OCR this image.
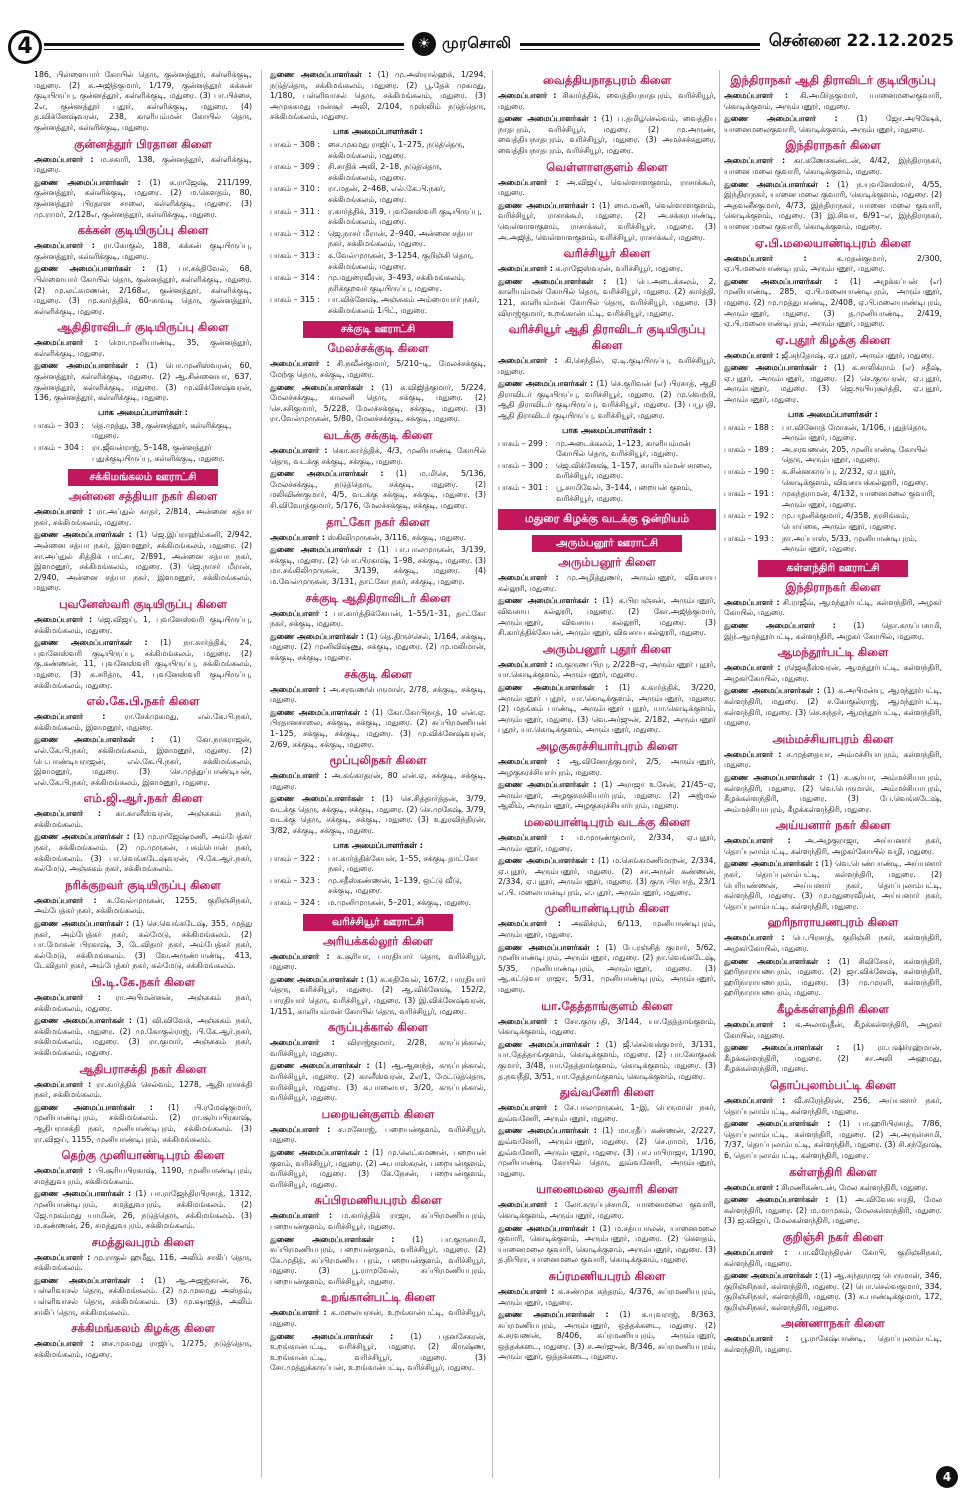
4	☀ முரசொலி	சென்னை 22.12.2025
186, பிள்ளையார் கோயில் தெரு, குன்னத்தூர், கள்ளிக்குடி, மதுரை. (2) க.அஜித்குமார், 1/179, குன்னத்தூர் கக்கன் குடியிருப்பு, குன்னத்தூர், கள்ளிக்குடி, மதுரை. (3) பா.பிச்சை, 2எ, குன்னத்தூர் புதூர், கள்ளிக்குடி, மதுரை. (4) த.விக்னேஷ்வரன், 238, காளியம்மன் கோயில் தெரு, குன்னத்தூர், கள்ளிக்குடி, மதுரை.
குன்னத்தூர் பிரதான கிளை
அமைப்பாளர் : ம.சகாரி, 138, குன்னத்தூர், கள்ளிக்குடி, மதுரை.
துணை அமைப்பாளர்கள் : (1) க.ராஜேஷ், 211/199, குன்னத்தூர், கள்ளிக்குடி, மதுரை. (2) ம.கௌதம், 80, குன்னத்தூர் பிரதான சாலை, கள்ளிக்குடி, மதுரை. (3) மு.ராமர், 2/128எ, குன்னத்தூர், கள்ளிக்குடி, மதுரை.
கக்கன் குடியிருப்பு கிளை
அமைப்பாளர் : ரா.கோகுல், 188, கக்கன் குடியிருப்பு, குன்னத்தூர், கள்ளிக்குடி, மதுரை.
துணை அமைப்பாளர்கள் : (1) பா.சக்திவேல், 68, பிள்ளையார் கோயில் தெரு, குன்னத்தூர், கள்ளிக்குடி, மதுரை. (2) மு.லட்சுமணன், 2/168எ, குன்னத்தூர், கள்ளிக்குடி, மதுரை. (3) மு.கார்த்திக், 60-சாவடி தெரு, குன்னத்தூர், கள்ளிக்குடி, மதுரை.
ஆதிதிராவிடர் குடியிருப்பு கிளை
அமைப்பாளர் : மொ.முனியாண்டி, 35, குன்னத்தூர், கள்ளிக்குடி, மதுரை.
துணை அமைப்பாளர்கள் : (1) பொ.முனிஸ்வரன், 60, குன்னத்தூர், கள்ளிக்குடி, மதுரை. (2) ஆ.சின்னையா, 637, குன்னத்தூர், கள்ளிக்குடி, மதுரை. (3) மு.விக்னேஷ்வரன், 136, குன்னத்தூர், கள்ளிக்குடி, மதுரை.
பாக அமைப்பாளர்கள் :
பாகம் – 303 :	தெ.முத்து, 38, குன்னத்தூர், கள்ளிக்குடி, மதுரை.
பாகம் – 304 :	ரா.ஜீவன்ராஜ், 5–148, குன்னத்தூர் புதுக்குடியிருப்பு, கள்ளிக்குடி, மதுரை.
சக்கிமங்கலம் ஊராட்சி
அன்னை சத்தியா நகர் கிளை
அமைப்பாளர் : ரா.அப்துல் காதர், 2/814, அன்னை சத்யா நகர், சக்கிமங்கலம், மதுரை.
துணை அமைப்பாளர்கள் : (1) ஜெ.இப்ராஹிம்கனி, 2/942, அன்னை சத்யா நகர், இளமனூர், சக்கிமங்கலம், மதுரை. (2) சா.அப்துல் சித்திக் பாட்சா, 2/891, அன்னை சத்யா நகர், இளமனூர், சக்கிமங்கலம், மதுரை. (3) ஜெ.நாசர் மீரான், 2/940, அன்னை சத்யா நகர், இளமனூர், சக்கிமங்கலம், மதுரை.
புவனேஸ்வரி குடியிருப்பு கிளை
அமைப்பாளர் : ஜெ.விஜய், 1, புவனேஸ்வரி குடியிருப்பு, சக்கிமங்கலம், மதுரை.
துணை அமைப்பாளர்கள் : (1) நா.கார்த்திக், 24, புவனேஸ்வரி குடியிருப்பு, சக்கிமங்கலம், மதுரை. (2) கு.கண்ணன், 11, புவனேஸ்வரி குடியிருப்பு, சக்கிமங்கலம், மதுரை. (3) க.சரித்ரு, 41, புவனேஸ்வரி குடியிருப்பு, சக்கிமங்கலம், மதுரை.
எல்.கே.பி.நகர் கிளை
அமைப்பாளர் : ரா.சேக்முகமது, எல்.கே.பி.நகர், சக்கிமங்கலம், இளமனூர், மதுரை.
துணை அமைப்பாளர்கள் : (1) கோ.நாகராஜன், எல்.கே.பி.நகர், சக்கிமங்கலம், இளமனூர், மதுரை. (2) பெ.பாண்டியராஜன், எல்.கே.பி.நகர், சக்கிமங்கலம், இளமனூர், மதுரை. (3) செ.முத்துப்பாண்டியன், எல்.கே.பி.நகர், சக்கிமங்கலம், இளமனூர், மதுரை.
எம்.ஜி.ஆர்.நகர் கிளை
அமைப்பாளர் : கா.காளீஸ்வரன், அஞ்சுகம் நகர், சக்கிமங்கலம்.
துணை அமைப்பாளர்கள் : (1) மு.ராஜேஷ்மணி, அம்பேத்கர் நகர், சக்கிமங்கலம். (2) மு.முருகன், பசும்பொன் நகர், சக்கிமங்கலம். (3) பா.வெங்கடேஷ்வரன், பி.கே.ஆர்.நகர், கல்மேடு, அஞ்சுகம் நகர், சக்கிமங்கலம்.
நரிக்குறவர் குடியிருப்பு கிளை
அமைப்பாளர் : க.வேல்முருகன், 1255, குறிஞ்சிநகர், அம்பேத்கர் நகர், சக்கிமங்கலம்.
துணை அமைப்பாளர்கள் : (1) செ.வெங்கடேஷ், 355, முத்து நகர், அம்பேத்கர் நகர், கல்மேடு, சக்கிமங்கலம். (2) பா.மோகன் பிரகாஷ், 3, டேவிதார் நகர், அம்பேத்கர் நகர், கல்மேடு, சக்கிமங்கலம். (3) வே.அருண்பாண்டி, 413, டேவிதார் நகர், அம்பேத்கர் நகர், கல்மேடு, சக்கிமங்கலம்.
பி.டி.கே.நகர் கிளை
அமைப்பாளர் : ரா.அபிமன்னன், அஞ்சுகம் நகர், சக்கிமங்கலம், மதுரை.
துணை அமைப்பாளர்கள் : (1) வி.விவேக், அஞ்சுகம் நகர், சக்கிமங்கலம், மதுரை. (2) மு.கோகுல்ராஜ், பி.கே.ஆர்.நகர், சக்கிமங்கலம், மதுரை. (3) ரா.குமார், அஞ்சுகம் நகர், சக்கிமங்கலம், மதுரை.
ஆதிபராசக்தி நகர் கிளை
அமைப்பாளர் : ரா.கார்த்திக் செல்வம், 1278, ஆதிபராசக்தி நகர், சக்கிமங்கலம்.
துணை அமைப்பாளர்கள் : (1) பி.ரமேஷ்குமார், முனியாண்டிபுரம், சக்கிமங்கலம். (2) ரா.சூர்யபிரகாஷ், ஆதிபராசக்தி நகர், முனியாண்டிபுரம், சக்கிமங்கலம். (3) ரா.விஜய், 1155, முனியாண்டிபுரம், சக்கிமங்கலம்.
தெற்கு முனியாண்டிபுரம் கிளை
அமைப்பாளர் : பி.சூரியபிரகாஷ், 1190, முனியாண்டிபுரம், சமத்துவபுரம், சக்கிமங்கலம்.
துணை அமைப்பாளர்கள் : (1) பா.ராஜேந்திரபிரசாத், 1312, முனியாண்டிபுரம், சமத்துவபுரம், சக்கிமங்கலம். (2) ஜே.முகம்மது யாமின், 26, நடுத்தெரு, சக்கிமங்கலம். (3) ம.கண்ணன், 26, சமத்துவபுரம், சக்கிமங்கலம்.
சமத்துவபுரம் கிளை
அமைப்பாளர் : மு.ராகுல் ஹமீது, 116, அலிம் சாகிப் தெரு, சக்கிமங்கலம்.
துணை அமைப்பாளர்கள் : (1) ஆ.அஜஜ்கான், 76, பள்ளிவாசல் தெரு, சக்கிமங்கலம். (2) மு.முகமது அஸ்தம், பள்ளிவாசல் தெரு, சக்கிமங்கலம். (3) மு.ஷாஜித், அலிம் சாகிப் தெரு, சக்கிமங்கலம்.
சக்கிமங்கலம் கிழக்கு கிளை
அமைப்பாளர் : சை.முகமது ராஜிப், 1/275, நடுத்தெரு, சக்கிமங்கலம், மதுரை.
துணை அமைப்பாளர்கள் : (1) மு.அஸ்ரால்ஹக், 1/294, நடுத்தெரு, சக்கிமங்கலம், மதுரை. (2) பூ.தேக் முகமது, 1/180, பள்ளிவாசல் தெரு, சக்கிமங்கலம், மதுரை. (3) அமுசுகமது மன்சூர் அலி, 2/104, முஸ்லிம் நடுத்தெரு, சக்கிமங்கலம், மதுரை.
பாக அமைப்பாளர்கள் :
பாகம் – 308 :	சை.முகமது ராஜிப், 1–275, நடுத்தெரு, சக்கிமங்கலம், மதுரை.
பாகம் – 309 :	சி.சாதிக் அலி, 2–18, நடுத்தெரு, சக்கிமங்கலம், மதுரை.
பாகம் – 310 :	ரா.மதன், 2–468, எல்.கே.பி.நகர், சக்கிமங்கலம், மதுரை.
பாகம் – 311 :	ர.கார்த்திக், 319, புவனேஸ்வரி குடியிருப்பு, சக்கிமங்கலம், மதுரை.
பாகம் – 312 :	ஜெ.நாசர் மீரான், 2–940, அன்னை சத்யா நகர், சக்கிமங்கலம், மதுரை.
பாகம் – 313 :	க.வேல்முருகன், 3–1254, குறிஞ்சி தெரு, சக்கிமங்கலம், மதுரை.
பாகம் – 314 :	மு.மதுரைவீரன், 3–493, சக்கிமங்கலம், நரிக்குறவர் குடியிருப்பு, மதுரை.
பாகம் – 315 :	பா.விக்னேஷ், அஞ்சுகம் அம்மையார் நகர், சக்கிமங்கலம் 1பிட், மதுரை.
சக்குடி ஊராட்சி
மேலச்சக்குடி கிளை
அமைப்பாளர் : சி.நவீன்குமார், 5/210–டி, மேலச்சக்குடி, மேற்கு தெரு, சக்குடி, மதுரை.
துணை அமைப்பாளர்கள் : (1) க.விஜித்குமார், 5/224, மேலச்சக்குடி, காலனி தெரு, சக்குடி, மதுரை. (2) செ.சசிகுமார், 5/228, மேலச்சக்குடி, சக்குடி, மதுரை. (3) ரா.வேல்முருகன், 5/80, மேலச்சக்குடி, சக்குடி, மதுரை.
வடக்கு சக்குடி கிளை
அமைப்பாளர் : கொ.கார்த்திக், 4/3, முனியாண்டி கோயில் தெரு, வடக்கு சக்குடி, சக்குடி, மதுரை.
துணை அமைப்பாளர்கள் : (1) ம.மிசெ, 5/136, மேலச்சக்குடி, நடுத்தெரு, சக்குடி, மதுரை. (2) மலிவிண்குமார், 4/5, வடக்கு சக்குடி, சக்குடி, மதுரை. (3) சி.விவோத்குமார், 5/176, மேலச்சக்குடி, சக்குடி, மதுரை.
தாட்கோ நகர் கிளை
அமைப்பாளர் : ஸ்கிவிமுருகன், 3/116, சக்குடி, மதுரை.
துணை அமைப்பாளர்கள் : (1) பா.பாலமுருகன், 3/139, சக்குடி, மதுரை. (2) பொ.பிரகாஷ், 1–98, சக்குடி, மதுரை. (3) மா.சங்கிலிமுருகன், 3/139, சக்குடி, மதுரை. (4) ம.வேல்முருகன், 3/131, தாட்கோ நகர், சக்குடி, மதுரை.
சக்குடி ஆதிதிராவிடர் கிளை
அமைப்பாளர் : பா.கார்த்திக்கேயன், 1–55/1–31, தாட்கோ நகர், சக்குடி, மதுரை.
துணை அமைப்பாளர்கள் : (1) தெ.திருச்செல், 1/164, சக்குடி, மதுரை. (2) முனிவிஷ்ணு, சக்குடி, மதுரை. (2) மு.மலிமான், சக்குடி, சக்குடி, மதுரை.
சக்குடி கிளை
அமைப்பாளர் : அ.சரவணபெருமாள், 2/78, சக்குடி, சக்குடி, மதுரை.
துணை அமைப்பாளர்கள் : (1) கோ.கோபிநாத், 10 என்.ஏ. பிரதானசாலை, சக்குடி, சக்குடி, மதுரை. (2) சுப்பிரமணியன் 1–125, சக்குடி, சக்குடி, மதுரை. (3) மு.விக்னேஷ்வரன், 2/69, சக்குடி, சக்குடி, மதுரை.
மூப்புலிநகர் கிளை
அமைப்பாளர் : அ.கங்காதரன், 80 என்.ஏ, சக்குடி, சக்குடி, மதுரை.
துணை அமைப்பாளர்கள் : (1) செ.சித்தார்த்தன், 3/79, வடக்கு தெரு, சக்குடி, சக்குடி, மதுரை. (2) செ.முகேஷ், 3/79, வடக்கு தெரு, சக்குடி, சக்குடி, மதுரை. (3) உதுரவிந்திரன், 3/82, சக்குடி, சக்குடி, மதுரை.
பாக அமைப்பாளர்கள் :
பாகம் – 322 :	பா.கார்த்திக்கேயன், 1–55, சக்குடி தாட்கோ நகர், மதுரை.
பாகம் – 323 :	மு.சதீஸ்கண்ணன், 1–139, ஒட்டு வீடு, சக்குடி, மதுரை.
பாகம் – 324 :	ம.முனிமுருகன், 5–201, சக்குடி, மதுரை.
வரிச்சியூர் ஊராட்சி
அரியக்கல்லூர் கிளை
அமைப்பாளர் : க.சூரியா, பாரதியார் தெரு, வரிச்சியூர், மதுரை.
துணை அமைப்பாளர்கள் : (1) க.சுதிவேல், 167/2, பாரதியார் தெரு, வரிச்சியூர், மதுரை. (2) ஆ.விக்னேஷ், 152/2, பாரதியார் தெரு, வரிச்சியூர், மதுரை. (3) இ.விக்னேஷ்வரன், 1/151, காளியம்மன் கோயில் தெரு, வரிச்சியூர், மதுரை.
கருப்புக்கால் கிளை
அமைப்பாளர் : விராஜ்குமார், 2/28, கருப்புக்கால், வரிச்சியூர், மதுரை.
துணை அமைப்பாளர்கள் : (1) ஆ.ஆனந்த், கருப்புக்கால், வரிச்சியூர், மதுரை. (2) காளீஸ்வரன், 2எ/1, மேட்டுத்தெரு, வரிச்சியூர், மதுரை. (3) க.பாலையா, 3/20, கருப்புக்கால், வரிச்சியூர், மதுரை.
பறையன்குளம் கிளை
அமைப்பாளர் : ச.மனோஜ், பறையன்குளம், வரிச்சியூர், மதுரை.
துணை அமைப்பாளர்கள் : (1) மு.லெட்சுமணன், பறையன் குளம், வரிச்சியூர், மதுரை. (2) அ.பாஸ்கரன், பறையன்குளம், வரிச்சியூர், மதுரை. (3) கே.நேசன், பறையன்குளம், வரிச்சியூர், மதுரை.
சுப்பிரமணியபுரம் கிளை
அமைப்பாளர் : ம.கார்த்திக் ராஜா, சுப்பிரமணியபுரம், பறையன்குளம், வரிச்சியூர், மதுரை.
துணை அமைப்பாளர்கள் : (1) பா.குருசாமி, சுப்பிரமணியபுரம், பறையன்குளம், வரிச்சியூர், மதுரை. (2) கே.முதித், சுப்பிரமணிய புரம், பறையன்குளம், வரிச்சியூர், மதுரை. (3) பூ.ராமுவேல், சுப்பிரமணியபுரம், பறையன்குளம், வரிச்சியூர், மதுரை.
உறங்கான்பட்டி கிளை
அமைப்பாளர் : க.மலையரசன், உறங்கான்பட்டி, வரிச்சியூர், மதுரை.
துணை அமைப்பாளர்கள் : (1) பதனசேகரன், உறங்கான்பட்டி, வரிச்சியூர், மதுரை. (2) கிருஷ்ண, உறங்கான்பட்டி, வரிச்சியூர், மதுரை. (3) சோ.முத்துக்கருப்பன், உறங்கான்பட்டி, வரிச்சியூர், மதுரை.
வைத்தியநாதபுரம் கிளை
அமைப்பாளர் : சிகார்த்திக், வைத்தியநாதபுரம், வரிச்சியூர், மதுரை.
துணை அமைப்பாளர்கள் : (1) ப.தமிழ்செல்வம், வைத்திய நாதபுரம், வரிச்சியூர், மதுரை. (2) மு.அருண், வைத்தியநாதபுரம், வரிச்சியூர், மதுரை. (3) அமச்சச்சுதுரை, வைத்தியநாதபுரம், வரிச்சியூர், மதுரை.
வெள்ளாளகுளம் கிளை
அமைப்பாளர் : அ.விஜய், வெள்ளாளகுளம், ராசாக்கூர், மதுரை.
துணை அமைப்பாளர்கள் : (1) மை.மணி, வெள்ளாளகுளம், வரிச்சியூர், ராசாக்கூர், மதுரை. (2) அ.சக்கரபாண்டி, வெள்ளாளகுளம், ராசாக்கூர், வரிச்சியூர், மதுரை. (3) அ.அஜித், வெள்ளாளகுளம், வரிச்சியூர், ராசாக்கூர், மதுரை.
வரிச்சியூர் கிளை
அமைப்பாளர் : க.ராஜேஸ்வரன், வரிச்சியூர், மதுரை.
துணை அமைப்பாளர்கள் : (1) பெ.அடைக்கலம், 2, காளியம்மன் கோயில் தெரு, வரிச்சியூர், மதுரை. (2) கார்த்தி, 121, காளியம்மன் கோயில் தெரு, வரிச்சியூர், மதுரை. (3) விராஜ்குமார், உறங்கான்பட்டி, வரிச்சியூர், மதுரை.
வரிச்சியூர் ஆதி திராவிடர் குடியிருப்பு கிளை
அமைப்பாளர் : கி.செந்தில், ஏ.டி.குடியிருப்பு, வரிச்சியூர், மதுரை.
துணை அமைப்பாளர்கள் : (1) செ.குரிவன் (எ) பிரசாத், ஆதி திராவிடர் குடியிருப்பு, வரிச்சியூர், மதுரை. (2) மு.வெற்றி, ஆதி திராவிடர் குடியிருப்பு, வரிச்சியூர், மதுரை. (3) பபூபதி, ஆதி திராவிடர் குடியிருப்பு, வரிச்சியூர், மதுரை.
பாக அமைப்பாளர்கள் :
பாகம் – 299 :	மு.அடைக்கலம், 1–123, காளியம்மன் கோயில் தெரு, வரிச்சியூர், மதுரை.
பாகம் – 300 :	ஜெ.விக்னேஷ், 1–157, காளியம்மன் சாலை, வரிச்சியூர், மதுரை.
பாகம் – 301 :	பூ.சாமிவேல், 3–144, பறையன் குளம், வரிச்சியூர், மதுரை.
மதுரை கிழக்கு வடக்கு ஒன்றியம்
அரும்பனூர் ஊராட்சி
அரும்பனூர் கிளை
அமைப்பாளர் : மு.அழித்துணர், அரும்பனூர், விவசாய கல்லூரி, மதுரை.
துணை அமைப்பாளர்கள் : (1) க.பிரபஞ்சன், அரும்பனூர், விவசாய கல்லூரி, மதுரை. (2) கோ.அஜித்குமார், அரும்பனூர், விவசாய கல்லூரி, மதுரை. (3) சி.கார்த்திக்கேயன், அரும்பனூர், விவசாய கல்லூரி, மதுரை.
அரும்பனூர் புதூர் கிளை
அமைப்பாளர் : ம.குருண பிரபு, 2/228–ஏ, அரும்பனூர் புதூர், யா.கொடிக்குளம், அரும்பனூர், மதுரை.
துணை அமைப்பாளர்கள் : (1) க.கார்த்திக், 3/220, அரும்பனூர் புதூர், யா.கொடிக்குளம், அரும்பனூர், மதுரை. (2) மதங்கம் பாண்டி, அரும்பனூர் புதூர், யா.கொடிக்குளம், அரும்பனூர், மதுரை. (3) வெ.அர்ஜுன், 2/182, அரும்பனூர் புதூர், யா.கொடிக்குளம், அரும்பனூர், மதுரை.
அழகுசுரச்சியார்புரம் கிளை
அமைப்பாளர் : ஆ.வினோத்குமார், 2/5, அரும்பனூர், அழகுசுரச்சியார்புரம், மதுரை.
துணை அமைப்பாளர்கள் : (1) அராஜா உசேன், 21/45–ஏ, அரும்பனூர், அழகுசுரச்சியார்புரம், மதுரை. (2) அஜ்மல் ஆலிம், அரும்பனூர், அழகுசுரச்சியார்புரம், மதுரை.
மலையான்டிபுரம் வடக்கு கிளை
அமைப்பாளர் : ம.முருண்குமார், 2/334, ஏ.புதூர், அரும்பனூர், மதுரை.
துணை அமைப்பாளர்கள் : (1) ம.செங்கமணிமாறன், 2/334, ஏ.புதூர், அரும்பனூர், மதுரை. (2) சா.அருள் கண்ணன், 2/334, ஏ.புதூர், அரும்பனூர், மதுரை. (3) குரு பிரபாத், 23/1 எ.பி. மலையான்டிபுரம், எ.புதூர், அரும்பனூர், மதுரை.
முனியாண்டிபுரம் கிளை
அமைப்பாளர் : அவிக்ரம், 6/113, முனியாண்டிபுரம், அரும்பனூர், மதுரை.
துணை அமைப்பாளர்கள் : (1) பே.ரஞ்சித் குமார், 5/62, முனியாண்டிபுரம், அரும்பனூர், மதுரை. (2) நா.வெங்கடேஷ், 5/35, முனியாண்டிபுரம், அரும்பனூர், மதுரை. (3) ஆ.கட்டுவா ராஜா, 5/31, முனியாண்டிபுரம், அரும்பனூர், மதுரை.
யா.தேத்தாங்குளம் கிளை
அமைப்பாளர் : சோ.குருபதி, 3/144, யா.தேத்தாங்குளம், கொடிக்குளம், மதுரை.
துணை அமைப்பாளர்கள் : (1) ஜீ.செல்வக்குமார், 3/131, யா.தேத்தாங்குளம், கொடிக்குளம், மதுரை. (2) பா.கோகுலக் குமார், 3/48, யா.தேத்தாங்குளம், கொடிக்குளம், மதுரை. (3) த.நவநீதி, 3/51, யா.தேத்தாங்குளம், கொடிக்குளம், மதுரை.
துவ்வனேரி கிளை
அமைப்பாளர் : சே.பாலமுருகன், 1–இ, பெருமாள் நகர், துவ்வனேரி, அரும்பனூர், மதுரை.
துணை அமைப்பாளர்கள் : (1) மா.ரதீப் கண்ணன், 2/227, துவ்வனேரி, அரும்பனூர், மதுரை. (2) செ.ராமர், 1/16, துவ்வனேரி, அரும்பனூர், மதுரை. (3) பா.பாபிராஜா, 1/190, முனியாண்டி கோயில் தெரு, துவ்வனேரி, அரும்பனூர், மதுரை.
யானைமலை குவாரி கிளை
அமைப்பாளர் : லோ.கருப்புச்சாமி, யானைமலை குவாரி, கொடிக்குளம், அரும்பனூர், மதுரை.
துணை அமைப்பாளர்கள் : (1) ம.சத்யபாலன், யானைமலை குவாரி, கொடிக்குளம், அரும்பனூர், மதுரை. (2) கௌதம், யானைமலை குவாரி, கொடிக்குளம், அரும்பனூர், மதுரை. (3) த.நிபிரா, யானைமலை குவாரி, கொடிக்குளம், மதுரை.
சுப்ரமணியபுரம் கிளை
அமைப்பாளர் : க.சண்முக சுந்தரம், 4/376, சுப்ரமணியபுரம், அரும்பனூர், மதுரை.
துணை அமைப்பாளர்கள் : (1) க.யுவராஜ், 8/363, சுப்ரமணியபுரம், அரும்பனூர், ஒத்தக்கடை, மதுரை. (2) க.சரவணன், 8/406, சுப்ரமணியபுரம், அரும்பனூர், ஒத்தக்கடை, மதுரை. (3) ச.அர்ஜுன், 8/346, சுப்ரமணியபுரம், அரும்பனூர், ஒத்தக்கடை, மதுரை.
இந்திராநகர் ஆதி திராவிடர் குடியிருப்பு
அமைப்பாளர் : கி.அமிர்தகுமார், யானைமலைகுவாரி, கொடிக்குளம், அரும்பனூர், மதுரை.
துணை அமைப்பாளர் : (1) ஜோ.அபிஷேக், யானைமலைகுவாரி, கொடிக்குளம், அரும்பனூர், மதுரை.
இந்திராநகர் கிளை
அமைப்பாளர் : கா.கணேசகண்டன், 4/42, இந்திராநகர், யானை மலை குவாரி, கொடிக்குளம், மதுரை.
துணை அமைப்பாளர்கள் : (1) ந.யுவனேஸ்வர், 4/55, இந்திராநகர், யானை மலை குவாரி, கொடிக்குளம், மதுரை. (2) அதவனீசகுமார், 4/73, இந்திராநகர், யானை மலை குவாரி, கொடிக்குளம், மதுரை. (3) இ.சிவா, 6/91–எ, இந்திராநகர், யானை மலை குவாரி, கொடிக்குளம், மதுரை.
ஏ.பி.மலையாண்டிபுரம் கிளை
அமைப்பாளர் : க.மதன்குமார், 2/300, ஏ.பி.மலையாண்டிபுரம், அரும்பனூர், மதுரை.
துணை அமைப்பாளர்கள் : (1) அழக்கப்பன் (எ) முனியாண்டி, 285, ஏ.பி.மலையாண்டிபுரம், அரும்பனூர், மதுரை. (2) மு.முத்துபாண்டி, 2/408, ஏ.பி.மலையாண்டிபுரம், அரும்பனூர், மதுரை. (3) த.முனியாண்டி, 2/419, ஏ.பி.மலையாண்டிபுரம், அரும்பனூர், மதுரை.
ஏ.புதூர் கிழக்கு கிளை
அமைப்பாளர் : ஜீ.சந்தோஷ், ஏ.புதூர், அரும்பனூர், மதுரை.
துணை அமைப்பாளர்கள் : (1) க.சாலிக்ராம் (எ) சதீஷ், ஏ.புதூர், அரும்பனூர், மதுரை. (2) செ.குருபரன், ஏ.புதூர், அரும்பனூர், மதுரை. (3) ஜெ.ரூபியுசூர்த்தி, ஏ.புதூர், அரும்பனூர், மதுரை.
பாக அமைப்பாளர்கள் :
பாகம் – 188 :	பா.வினோத் மோகன், 1/106, புதுத்தெரு, அரும்பனூர், மதுரை.
பாகம் – 189 :	அ.சரவணன், 205, முனியாண்டி கோயில் தெரு, அரும்பனூர், மதுரை.
பாகம் – 190 :	க.சின்னகருப்பு, 2/232, ஏ.புதூர், கொடிக்குளம், விவசாயக்கல்லூரி, மதுரை.
பாகம் – 191 :	முகந்தராமன், 4/132, யானைமலை குவாரி, அரும்பனூர், மதுரை.
பாகம் – 192 :	மு.பழனிக்குமார், 4/358, நரசிங்கம், பொய்கை, அரும்பனூர், மதுரை.
பாகம் – 193 :	நா.அப்பாஸ், 5/33, முனியாண்டிபுரம், அரும்பனூர், மதுரை.
கள்ளந்திரி ஊராட்சி
இந்திராநகர் கிளை
அமைப்பாளர் : சி.ராஜீவ், ஆமந்தூர்பட்டி, கள்ளந்திரி, அழகர் கோயில், மதுரை.
துணை அமைப்பாளர் : (1) தொ.கருப்பசாமி, இந்.ஆமந்தூர்பட்டி, கள்ளந்திரி, அழகர் கோயில், மதுரை.
ஆமந்தூர்பட்டி கிளை
அமைப்பாளர் : ரஜெகதீஸ்வரன், ஆமந்தூர்பட்டி, கள்ளந்திரி, அழகர்கோயில், மதுரை.
துணை அமைப்பாளர்கள் : (1) க.அபிமன்யு, ஆமந்தூர்பட்டி, கள்ளந்திரி, மதுரை. (2) ச.கோகுல்ராஜ், ஆமந்தூர்பட்டி, கள்ளந்திரி, மதுரை. (3) செ.சுந்தர், ஆமந்தூர்பட்டி, கள்ளந்திரி, மதுரை.
அம்மச்சியாபுரம் கிளை
அமைப்பாளர் : ச.முத்தையா, அம்மச்சியாபுரம், கள்ளந்திரி, மதுரை.
துணை அமைப்பாளர்கள் : (1) க.சூர்யா, அம்மச்சியாபுரம், கள்ளந்திரி, மதுரை. (2) வெ.பெருமாள், அம்மச்சியாபுரம், கீழக்கள்ளந்திரி, மதுரை. (3) பே.வெங்கடேஷ், அம்மச்சியாபுரம், கீழக்கள்ளந்திரி, மதுரை.
அய்யனார் நகர் கிளை
அமைப்பாளர் : அ.அழகுராஜா, அய்யனார் நகர், தொப்புலாம்பட்டி, கள்ளந்திரி, அழகர்கோயில் வழி, மதுரை.
துணை அமைப்பாளர்கள் : (1) வெ.பெண்பாண்டி, அய்யனார் நகர், தொப்புலாம்பட்டி, கள்ளந்திரி, மதுரை. (2) பெரியண்ணன், அய்யனார் நகர், தொப்புலாம்பட்டி, கள்ளந்திரி, மதுரை. (3) மு.மதுரைவீரன், அய்யனார் நகர், தொப்புலாம்பட்டி, கள்ளந்திரி, மதுரை.
ஹரிநாராயணபுரம் கிளை
அமைப்பாளர் : பெ.பிரசாத், குறிஞ்சி நகர், கள்ளந்திரி, அழகர்கோயில், மதுரை.
துணை அமைப்பாளர்கள் : (1) சிவிசேகர், கள்ளந்திரி, ஹரிநாராயணபுரம், மதுரை. (2) ஜா.விக்னேஷ், கள்ளந்திரி, ஹரிநாராயணபுரம், மதுரை. (3) மு.முரளி, கள்ளந்திரி, ஹரிநாராயணபுரம், மதுரை.
கீழக்கள்ளந்திரி கிளை
அமைப்பாளர் : க.அலாவுதீன், கீழக்கள்ளந்திரி, அழகர் கோயில், மதுரை.
துணை அமைப்பாளர்கள் : (1) ரா.பஷிர்ரஹ்மான், கீழக்கள்ளந்திரி, மதுரை. (2) சா.அலி அஹமது, கீழக்கள்ளந்திரி, மதுரை.
தொப்புலாம்பட்டி கிளை
அமைப்பாளர் : வீ.சுரேந்திரன், 256, அய்யனார் நகர், தொப்புலாம்பட்டி, கள்ளந்திரி, மதுரை.
துணை அமைப்பாளர்கள் : (1) பா.ஹரிபிரசாத், 7/86, தொப்புலாம்பட்டி, கள்ளந்திரி, மதுரை. (2) அ.அருள்சாமி, 7/37, தொப்புலாம்பட்டி, கள்ளந்திரி, மதுரை. (3) சி.சந்தோஷ், 6, தொப்புலாம்பட்டி, கள்ளந்திரி, மதுரை.
கள்ளந்திரி கிளை
அமைப்பாளர் : சிமணிகண்டன், மேல கள்ளந்திரி, மதுரை.
துணை அமைப்பாளர்கள் : (1) அ.விவேகபாரதி, மேல கள்ளந்திரி, மதுரை. (2) ம.மாமுகம், மேலகள்ளந்திரி, மதுரை. (3) ஜ.விஜய், மேலகள்ளந்திரி, மதுரை.
குறிஞ்சி நகர் கிளை
அமைப்பாளர் : பா.வீரேந்திரன் கோபி, குறிஞ்சிநகர், கள்ளந்திரி, மதுரை.
துணை அமைப்பாளர்கள் : (1) ஆ.சுந்தரராஜ பெருமாள், 346, குறிஞ்சிநகர், கள்ளந்திரி, மதுரை. (2) பொ.செல்வகுமார், 334, குறிஞ்சிநகர், கள்ளந்திரி, மதுரை. (3) சு.பாண்டிக்குமார், 172, குறிஞ்சிநகர், கள்ளந்திரி, மதுரை.
அண்ணாநகர் கிளை
அமைப்பாளர் : பூ.ராகேஷ்பாண்டி, தொப்புலாம்பட்டி, கள்ளந்திரி, மதுரை.
4
